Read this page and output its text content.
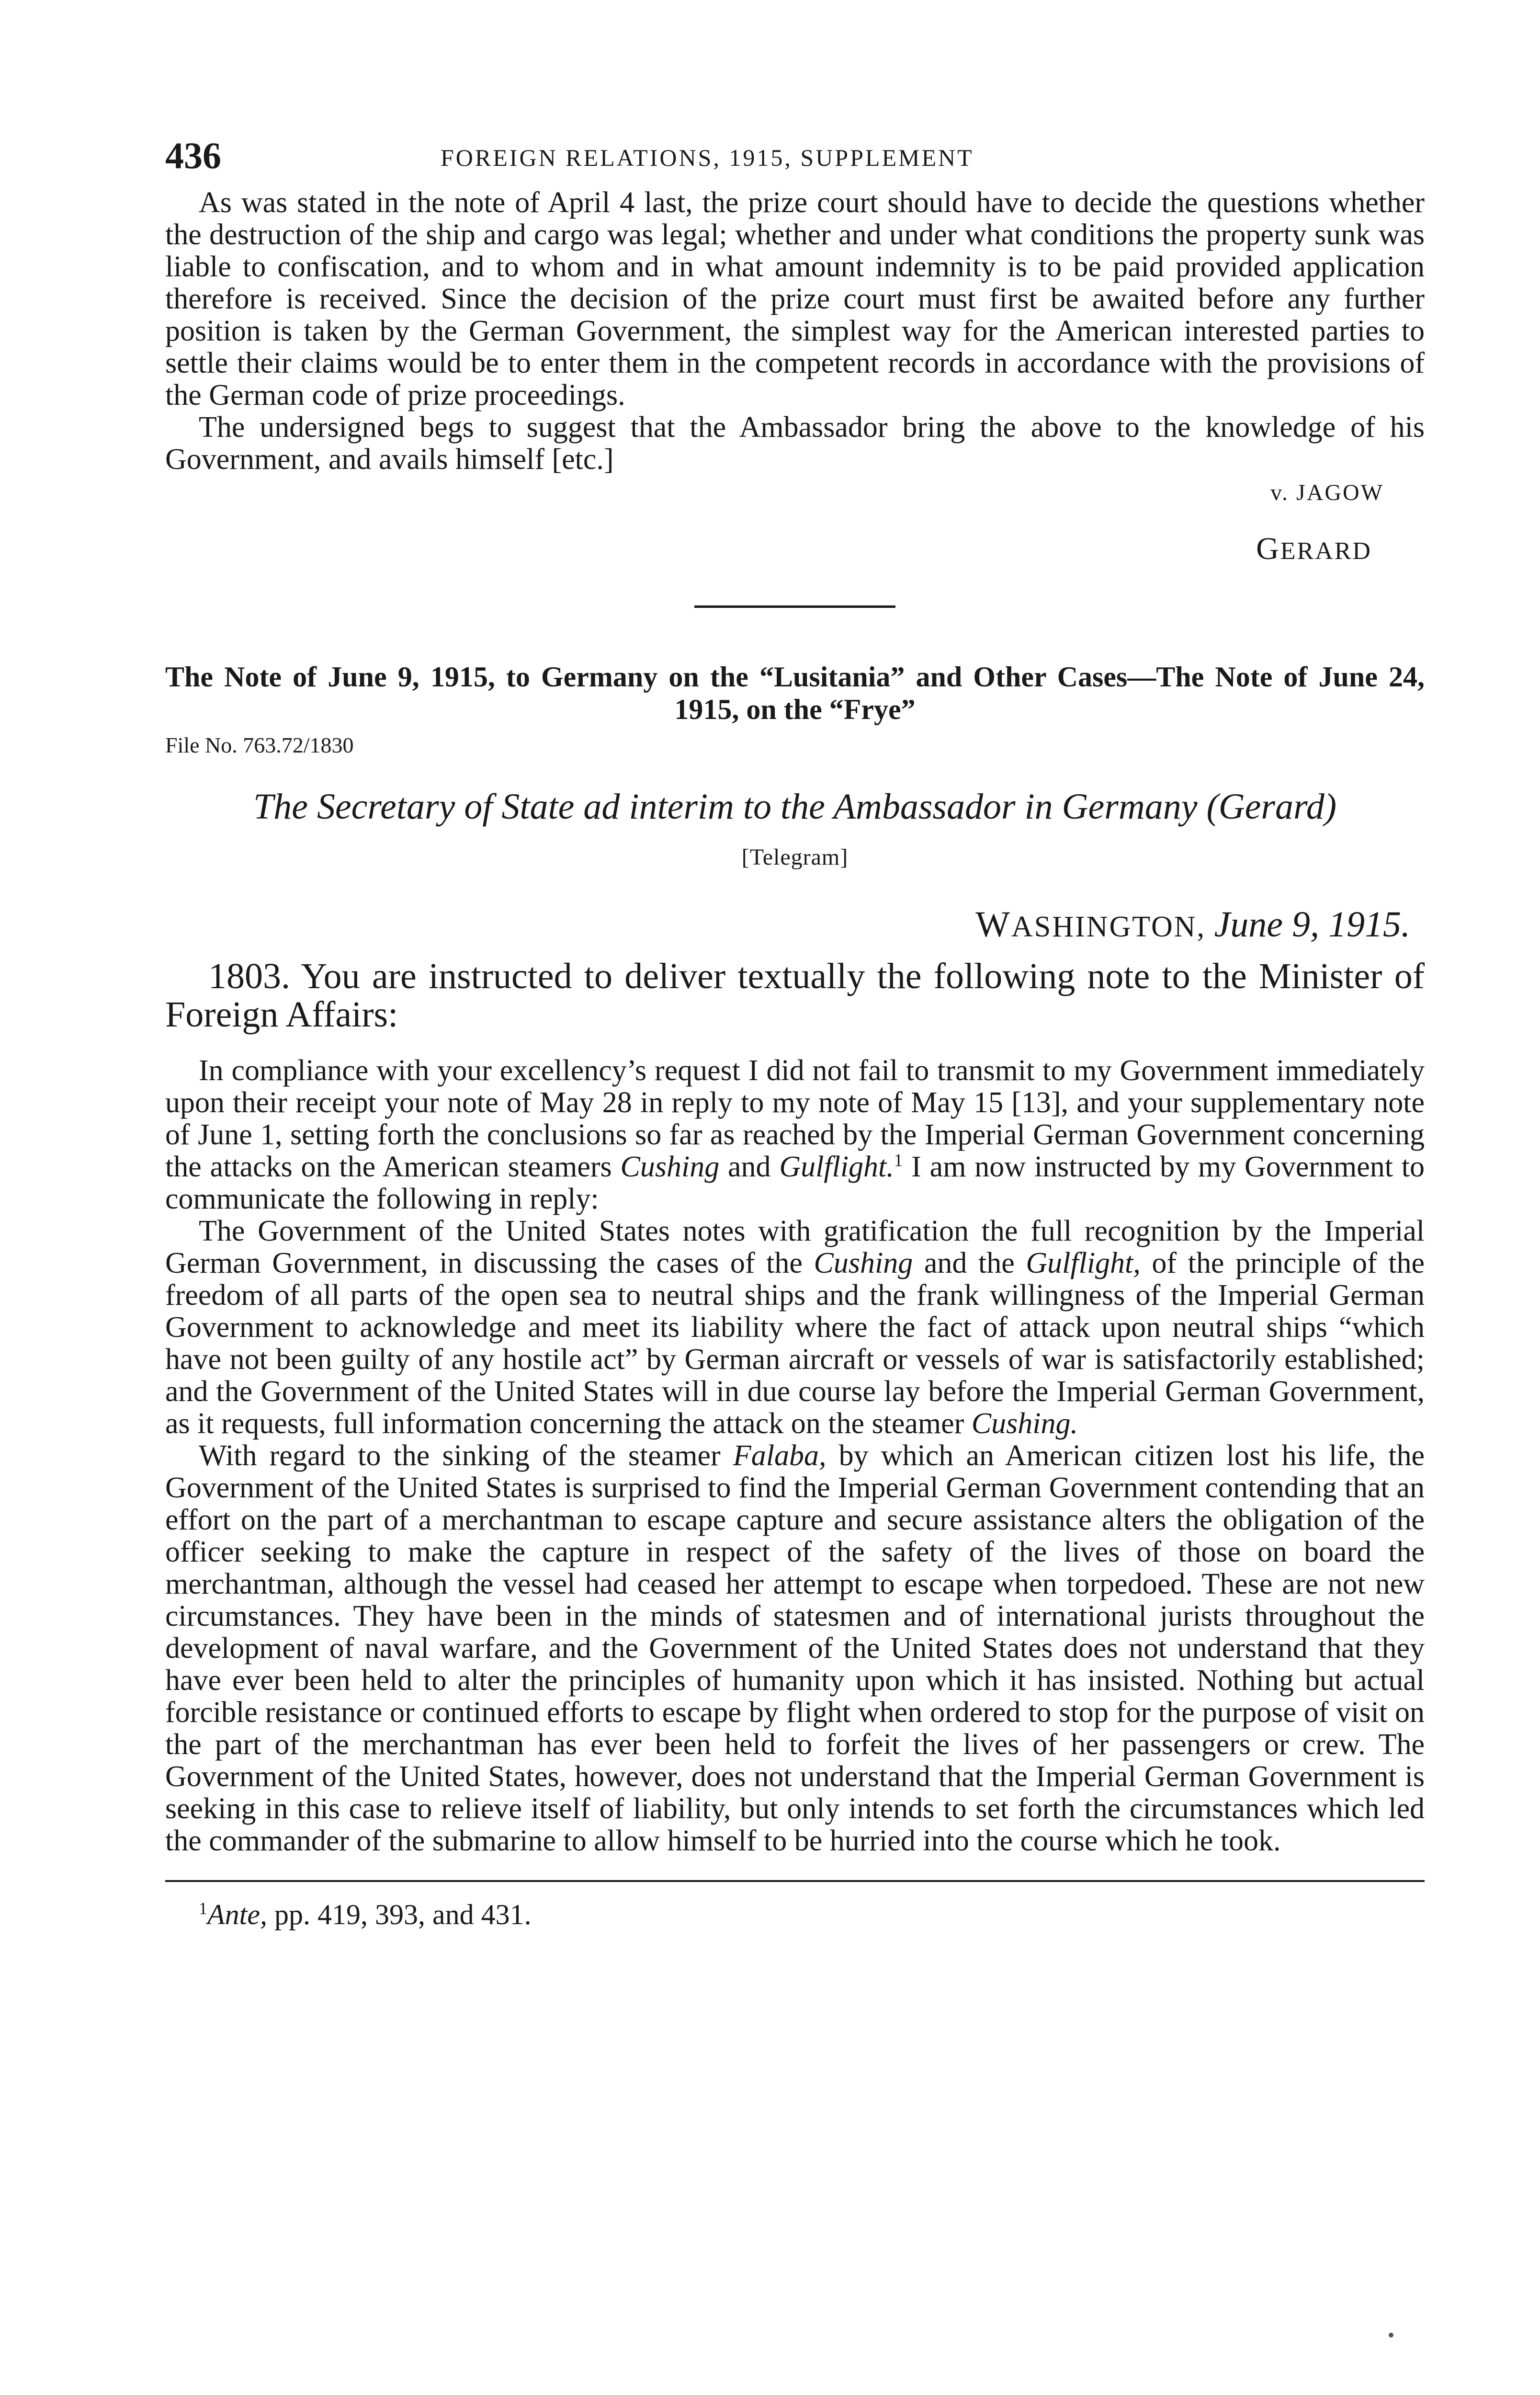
436	FOREIGN RELATIONS, 1915, SUPPLEMENT

As was stated in the note of April 4 last, the prize court should have to decide the questions whether the destruction of the ship and cargo was legal; whether and under what conditions the property sunk was liable to confiscation, and to whom and in what amount indemnity is to be paid provided application therefore is received. Since the decision of the prize court must first be awaited before any further position is taken by the German Government, the simplest way for the American interested parties to settle their claims would be to enter them in the competent records in accordance with the provisions of the German code of prize proceedings.

The undersigned begs to suggest that the Ambassador bring the above to the knowledge of his Government, and avails himself [etc.]

v. JAGOW
GERARD
The Note of June 9, 1915, to Germany on the “Lusitania” and Other Cases—The Note of June 24, 1915, on the “Frye”
File No. 763.72/1830
The Secretary of State ad interim to the Ambassador in Germany (Gerard)
[Telegram]
WASHINGTON, June 9, 1915.
1803. You are instructed to deliver textually the following note to the Minister of Foreign Affairs:

In compliance with your excellency’s request I did not fail to transmit to my Government immediately upon their receipt your note of May 28 in reply to my note of May 15 [13], and your supplementary note of June 1, setting forth the conclusions so far as reached by the Imperial German Government concerning the attacks on the American steamers Cushing and Gulflight.$^1$ I am now instructed by my Government to communicate the following in reply:

The Government of the United States notes with gratification the full recognition by the Imperial German Government, in discussing the cases of the Cushing and the Gulflight, of the principle of the freedom of all parts of the open sea to neutral ships and the frank willingness of the Imperial German Government to acknowledge and meet its liability where the fact of attack upon neutral ships “which have not been guilty of any hostile act” by German aircraft or vessels of war is satisfactorily established; and the Government of the United States will in due course lay before the Imperial German Government, as it requests, full information concerning the attack on the steamer Cushing.

With regard to the sinking of the steamer Falaba, by which an American citizen lost his life, the Government of the United States is surprised to find the Imperial German Government contending that an effort on the part of a merchantman to escape capture and secure assistance alters the obligation of the officer seeking to make the capture in respect of the safety of the lives of those on board the merchantman, although the vessel had ceased her attempt to escape when torpedoed. These are not new circumstances. They have been in the minds of statesmen and of international jurists throughout the development of naval warfare, and the Government of the United States does not understand that they have ever been held to alter the principles of humanity upon which it has insisted. Nothing but actual forcible resistance or continued efforts to escape by flight when ordered to stop for the purpose of visit on the part of the merchantman has ever been held to forfeit the lives of her passengers or crew. The Government of the United States, however, does not understand that the Imperial German Government is seeking in this case to relieve itself of liability, but only intends to set forth the circumstances which led the commander of the submarine to allow himself to be hurried into the course which he took.

$^1$Ante, pp. 419, 393, and 431.
